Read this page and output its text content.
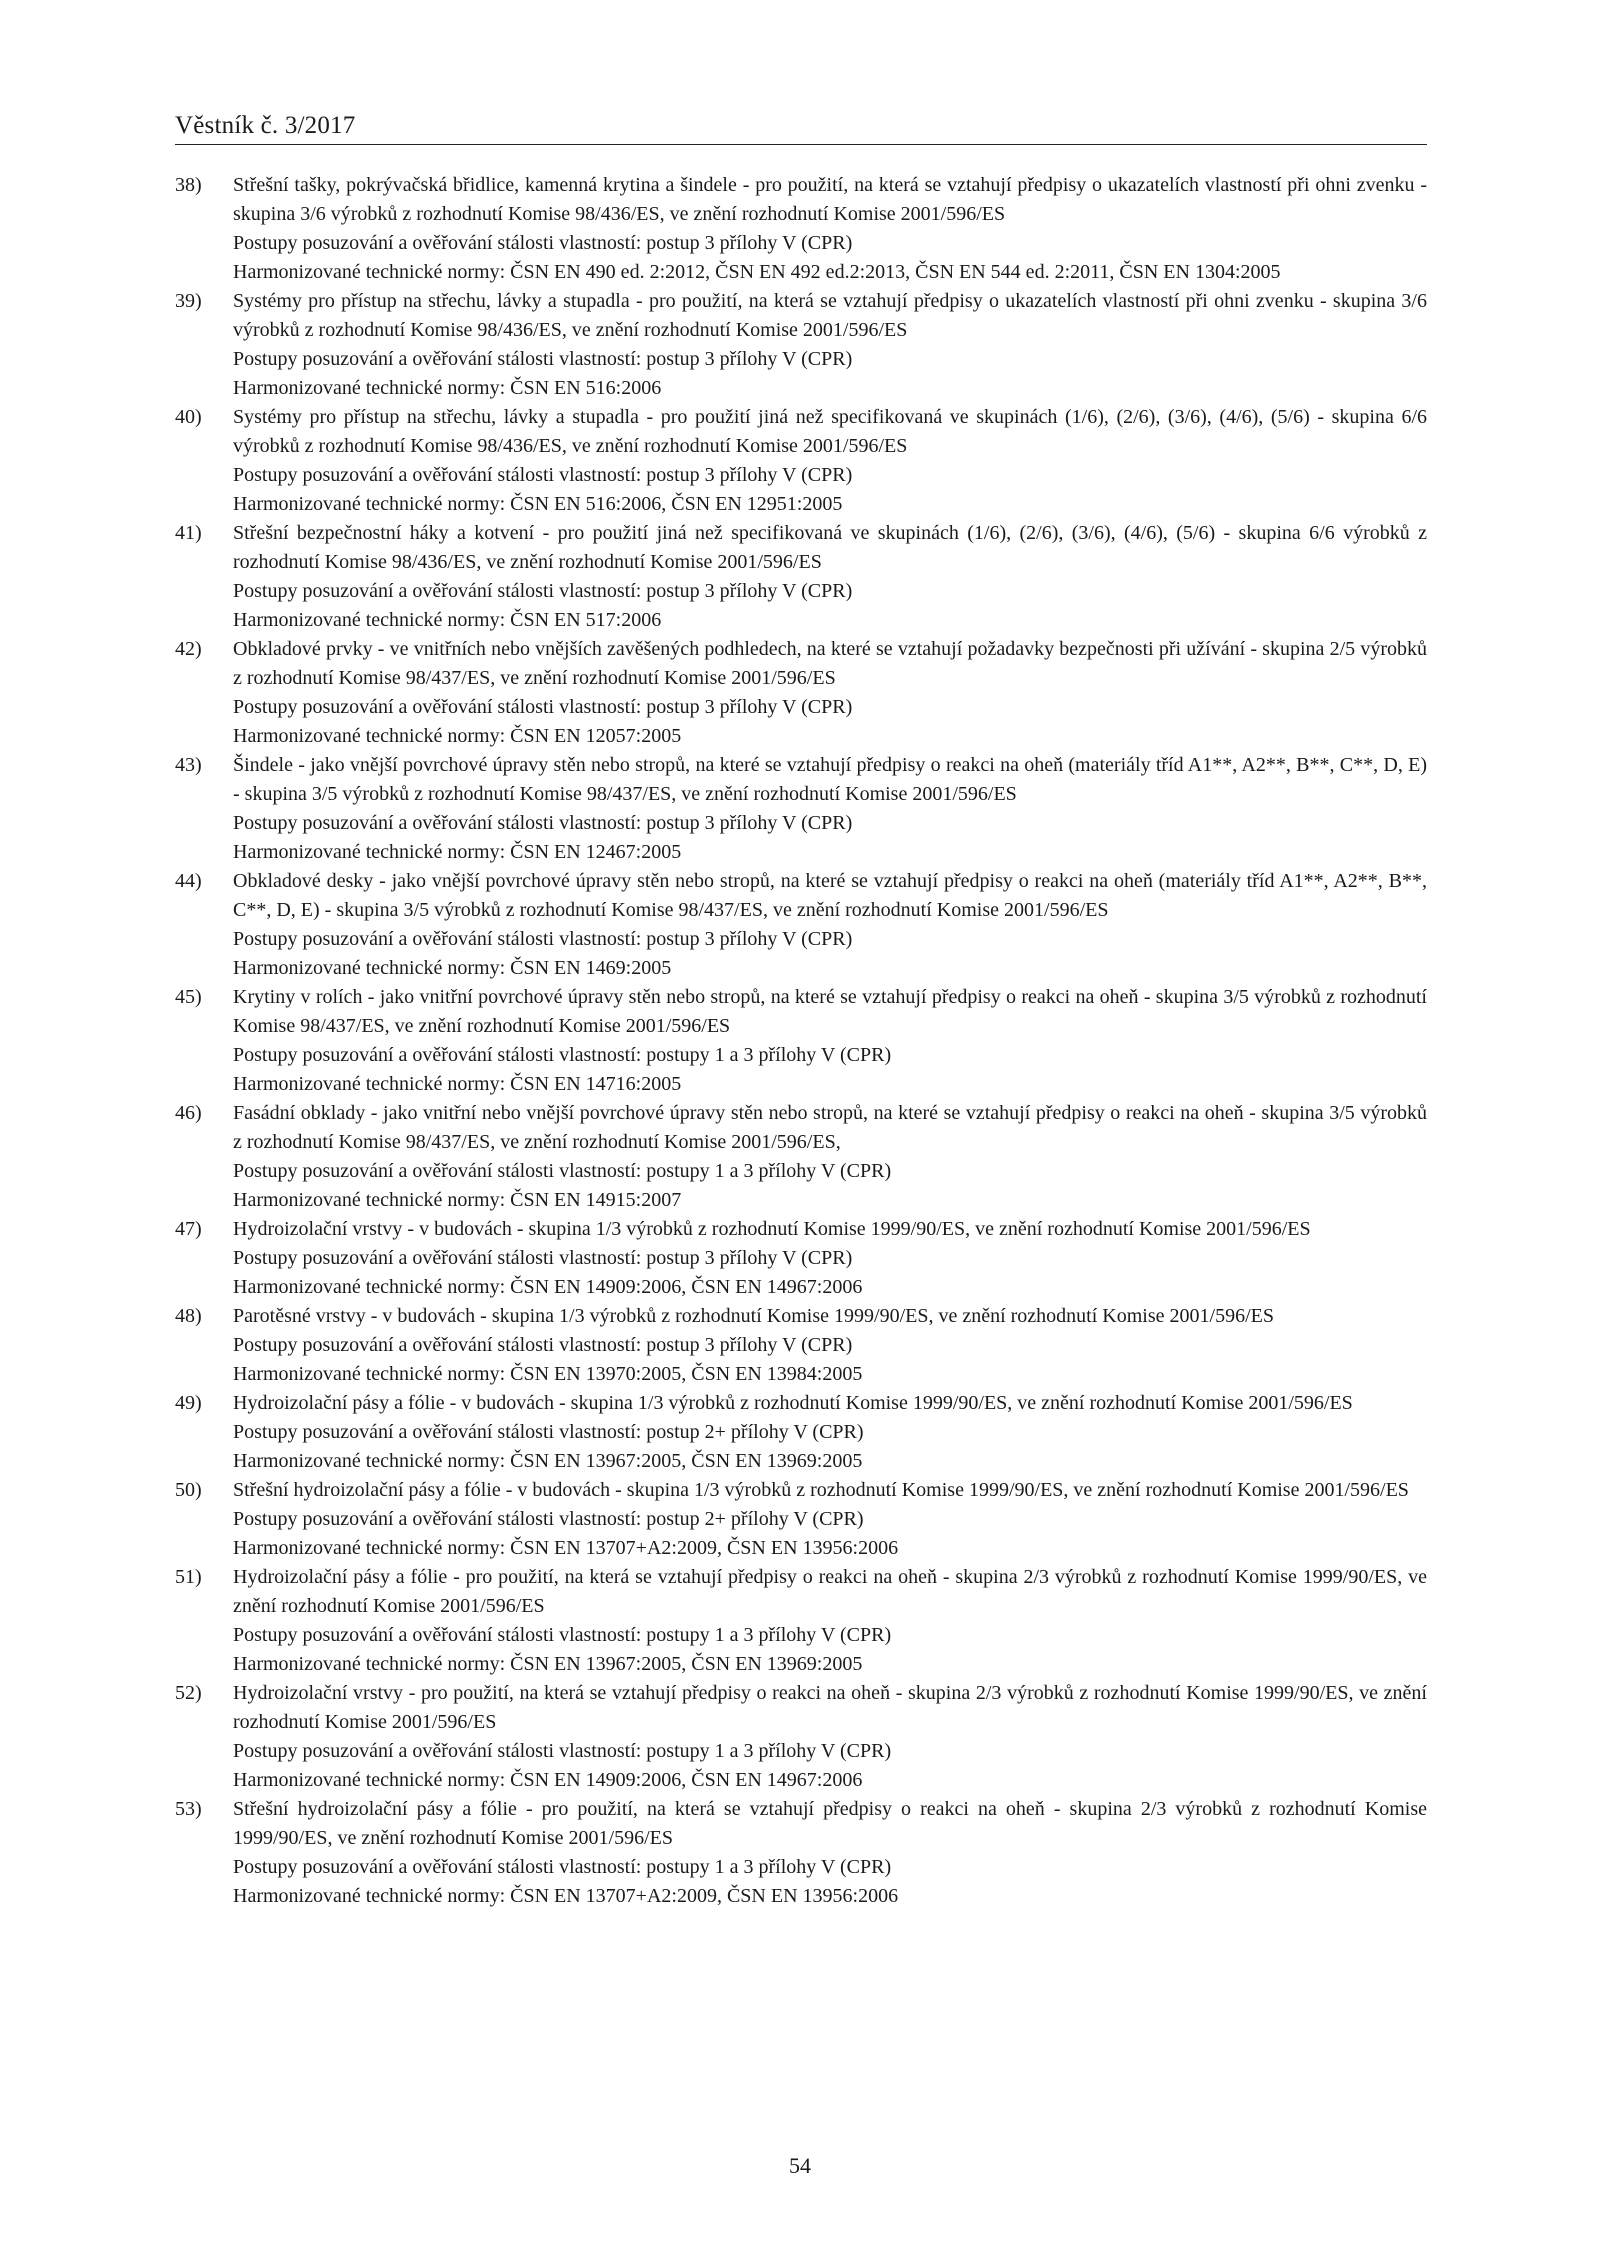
Věstník č. 3/2017
38)	Střešní tašky, pokrývačská břidlice, kamenná krytina a šindele - pro použití, na která se vztahují předpisy o ukazatelích vlastností při ohni zvenku - skupina 3/6 výrobků z rozhodnutí Komise 98/436/ES, ve znění rozhodnutí Komise 2001/596/ES
Postupy posuzování a ověřování stálosti vlastností: postup 3 přílohy V (CPR)
Harmonizované technické normy: ČSN EN 490 ed. 2:2012, ČSN EN 492 ed.2:2013, ČSN EN 544 ed. 2:2011, ČSN EN 1304:2005
39)	Systémy pro přístup na střechu, lávky a stupadla - pro použití, na která se vztahují předpisy o ukazatelích vlastností při ohni zvenku - skupina 3/6 výrobků z rozhodnutí Komise 98/436/ES, ve znění rozhodnutí Komise 2001/596/ES
Postupy posuzování a ověřování stálosti vlastností: postup 3 přílohy V (CPR)
Harmonizované technické normy: ČSN EN 516:2006
40)	Systémy pro přístup na střechu, lávky a stupadla - pro použití jiná než specifikovaná ve skupinách (1/6), (2/6), (3/6), (4/6), (5/6) - skupina 6/6 výrobků z rozhodnutí Komise 98/436/ES, ve znění rozhodnutí Komise 2001/596/ES
Postupy posuzování a ověřování stálosti vlastností: postup 3 přílohy V (CPR)
Harmonizované technické normy: ČSN EN 516:2006, ČSN EN 12951:2005
41)	Střešní bezpečnostní háky a kotvení - pro použití jiná než specifikovaná ve skupinách (1/6), (2/6), (3/6), (4/6), (5/6) - skupina 6/6 výrobků z rozhodnutí Komise 98/436/ES, ve znění rozhodnutí Komise 2001/596/ES
Postupy posuzování a ověřování stálosti vlastností: postup 3 přílohy V (CPR)
Harmonizované technické normy: ČSN EN 517:2006
42)	Obkladové prvky - ve vnitřních nebo vnějších zavěšených podhledech, na které se vztahují požadavky bezpečnosti při užívání - skupina 2/5 výrobků z rozhodnutí Komise 98/437/ES, ve znění rozhodnutí Komise 2001/596/ES
Postupy posuzování a ověřování stálosti vlastností: postup 3 přílohy V (CPR)
Harmonizované technické normy: ČSN EN 12057:2005
43)	Šindele - jako vnější povrchové úpravy stěn nebo stropů, na které se vztahují předpisy o reakci na oheň (materiály tříd A1**, A2**, B**, C**, D, E) - skupina 3/5 výrobků z rozhodnutí Komise 98/437/ES, ve znění rozhodnutí Komise 2001/596/ES
Postupy posuzování a ověřování stálosti vlastností: postup 3 přílohy V (CPR)
Harmonizované technické normy: ČSN EN 12467:2005
44)	Obkladové desky - jako vnější povrchové úpravy stěn nebo stropů, na které se vztahují předpisy o reakci na oheň (materiály tříd A1**, A2**, B**, C**, D, E) - skupina 3/5 výrobků z rozhodnutí Komise 98/437/ES, ve znění rozhodnutí Komise 2001/596/ES
Postupy posuzování a ověřování stálosti vlastností: postup 3 přílohy V (CPR)
Harmonizované technické normy: ČSN EN 1469:2005
45)	Krytiny v rolích - jako vnitřní povrchové úpravy stěn nebo stropů, na které se vztahují předpisy o reakci na oheň - skupina 3/5 výrobků z rozhodnutí Komise 98/437/ES, ve znění rozhodnutí Komise 2001/596/ES
Postupy posuzování a ověřování stálosti vlastností: postupy 1 a 3 přílohy V (CPR)
Harmonizované technické normy: ČSN EN 14716:2005
46)	Fasádní obklady - jako vnitřní nebo vnější povrchové úpravy stěn nebo stropů, na které se vztahují předpisy o reakci na oheň - skupina 3/5 výrobků z rozhodnutí Komise 98/437/ES, ve znění rozhodnutí Komise 2001/596/ES,
Postupy posuzování a ověřování stálosti vlastností: postupy 1 a 3 přílohy V (CPR)
Harmonizované technické normy: ČSN EN 14915:2007
47)	Hydroizolační vrstvy - v budovách - skupina 1/3 výrobků z rozhodnutí Komise 1999/90/ES, ve znění rozhodnutí Komise 2001/596/ES
Postupy posuzování a ověřování stálosti vlastností: postup 3 přílohy V (CPR)
Harmonizované technické normy: ČSN EN 14909:2006, ČSN EN 14967:2006
48)	Parotěsné vrstvy - v budovách - skupina 1/3 výrobků z rozhodnutí Komise 1999/90/ES, ve znění rozhodnutí Komise 2001/596/ES
Postupy posuzování a ověřování stálosti vlastností: postup 3 přílohy V (CPR)
Harmonizované technické normy: ČSN EN 13970:2005, ČSN EN 13984:2005
49)	Hydroizolační pásy a fólie - v budovách - skupina 1/3 výrobků z rozhodnutí Komise 1999/90/ES, ve znění rozhodnutí Komise 2001/596/ES
Postupy posuzování a ověřování stálosti vlastností: postup 2+ přílohy V (CPR)
Harmonizované technické normy: ČSN EN 13967:2005, ČSN EN 13969:2005
50)	Střešní hydroizolační pásy a fólie - v budovách - skupina 1/3 výrobků z rozhodnutí Komise 1999/90/ES, ve znění rozhodnutí Komise 2001/596/ES
Postupy posuzování a ověřování stálosti vlastností: postup 2+ přílohy V (CPR)
Harmonizované technické normy: ČSN EN 13707+A2:2009, ČSN EN 13956:2006
51)	Hydroizolační pásy a fólie - pro použití, na která se vztahují předpisy o reakci na oheň - skupina 2/3 výrobků z rozhodnutí Komise 1999/90/ES, ve znění rozhodnutí Komise 2001/596/ES
Postupy posuzování a ověřování stálosti vlastností: postupy 1 a 3 přílohy V (CPR)
Harmonizované technické normy: ČSN EN 13967:2005, ČSN EN 13969:2005
52)	Hydroizolační vrstvy - pro použití, na která se vztahují předpisy o reakci na oheň - skupina 2/3 výrobků z rozhodnutí Komise 1999/90/ES, ve znění rozhodnutí Komise 2001/596/ES
Postupy posuzování a ověřování stálosti vlastností: postupy 1 a 3 přílohy V (CPR)
Harmonizované technické normy: ČSN EN 14909:2006, ČSN EN 14967:2006
53)	Střešní hydroizolační pásy a fólie - pro použití, na která se vztahují předpisy o reakci na oheň - skupina 2/3 výrobků z rozhodnutí Komise 1999/90/ES, ve znění rozhodnutí Komise 2001/596/ES
Postupy posuzování a ověřování stálosti vlastností: postupy 1 a 3 přílohy V (CPR)
Harmonizované technické normy: ČSN EN 13707+A2:2009, ČSN EN 13956:2006
54
